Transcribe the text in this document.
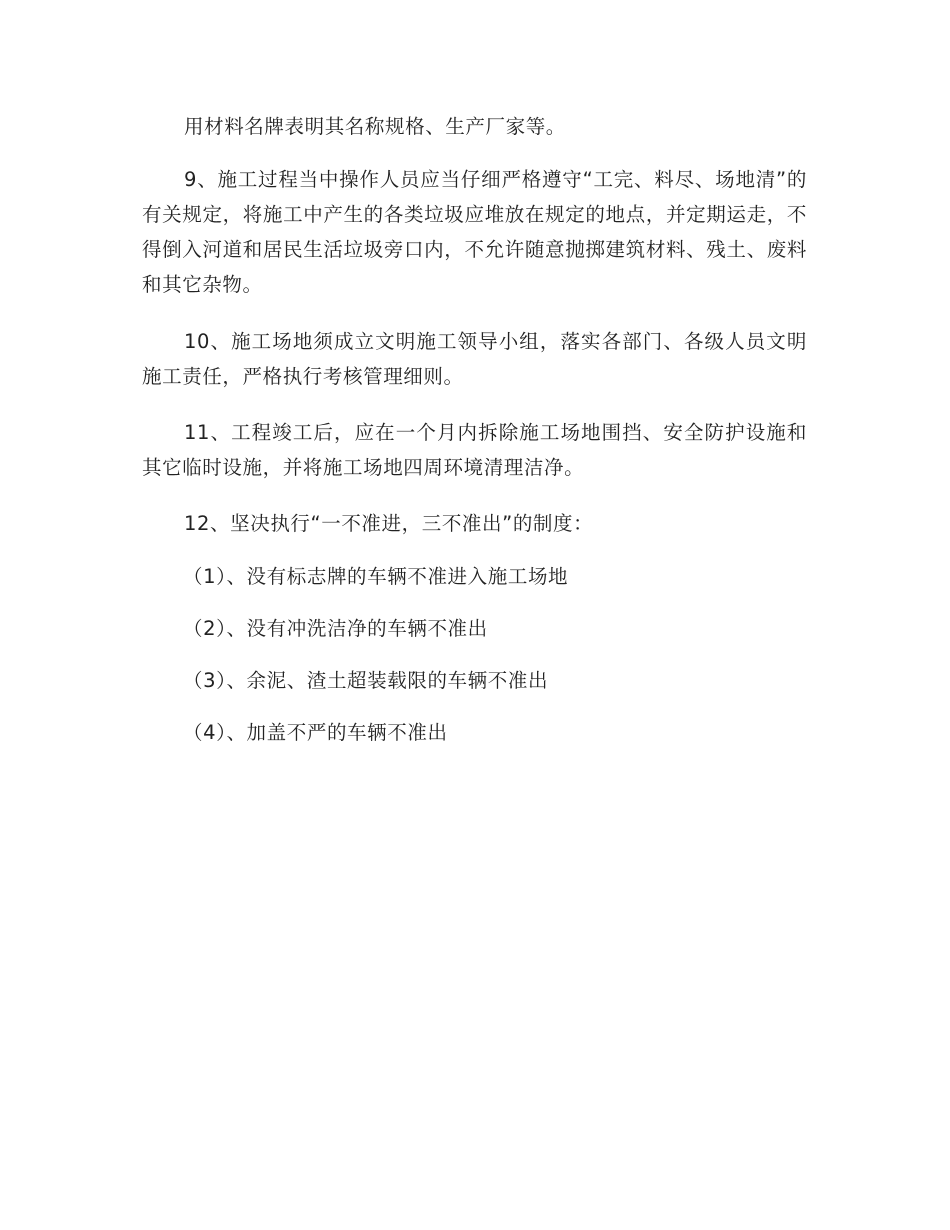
用材料名牌表明其名称规格、生产厂家等。

9、施工过程当中操作人员应当仔细严格遵守“工完、料尽、场地清”的有关规定，将施工中产生的各类垃圾应堆放在规定的地点，并定期运走，不得倒入河道和居民生活垃圾旁口内，不允许随意抛掷建筑材料、残土、废料和其它杂物。

10、施工场地须成立文明施工领导小组，落实各部门、各级人员文明施工责任，严格执行考核管理细则。

11、工程竣工后，应在一个月内拆除施工场地围挡、安全防护设施和其它临时设施，并将施工场地四周环境清理洁净。

12、坚决执行“一不准进，三不准出”的制度：

（1）、没有标志牌的车辆不准进入施工场地

（2）、没有冲洗洁净的车辆不准出

（3）、余泥、渣土超装载限的车辆不准出

（4）、加盖不严的车辆不准出
